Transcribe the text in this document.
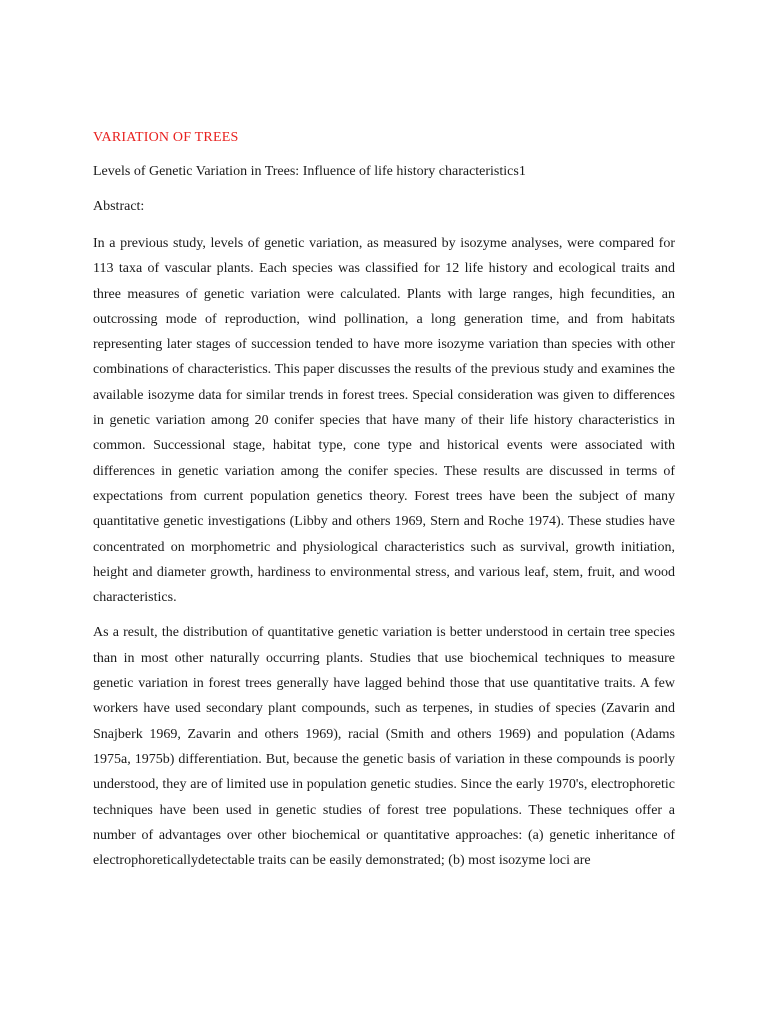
VARIATION OF TREES
Levels of Genetic Variation in Trees: Influence of life history characteristics1
Abstract:

In a previous study, levels of genetic variation, as measured by isozyme analyses, were compared for 113 taxa of vascular plants. Each species was classified for 12 life history and ecological traits and three measures of genetic variation were calculated. Plants with large ranges, high fecundities, an outcrossing mode of reproduction, wind pollination, a long generation time, and from habitats representing later stages of succession tended to have more isozyme variation than species with other combinations of characteristics. This paper discusses the results of the previous study and examines the available isozyme data for similar trends in forest trees. Special consideration was given to differences in genetic variation among 20 conifer species that have many of their life history characteristics in common. Successional stage, habitat type, cone type and historical events were associated with differences in genetic variation among the conifer species. These results are discussed in terms of expectations from current population genetics theory. Forest trees have been the subject of many quantitative genetic investigations (Libby and others 1969, Stern and Roche 1974). These studies have concentrated on morphometric and physiological characteristics such as survival, growth initiation, height and diameter growth, hardiness to environmental stress, and various leaf, stem, fruit, and wood characteristics.

As a result, the distribution of quantitative genetic variation is better understood in certain tree species than in most other naturally occurring plants. Studies that use biochemical techniques to measure genetic variation in forest trees generally have lagged behind those that use quantitative traits. A few workers have used secondary plant compounds, such as terpenes, in studies of species (Zavarin and Snajberk 1969, Zavarin and others 1969), racial (Smith and others 1969) and population (Adams 1975a, 1975b) differentiation. But, because the genetic basis of variation in these compounds is poorly understood, they are of limited use in population genetic studies. Since the early 1970's, electrophoretic techniques have been used in genetic studies of forest tree populations. These techniques offer a number of advantages over other biochemical or quantitative approaches: (a) genetic inheritance of electrophoreticallydetectable traits can be easily demonstrated; (b) most isozyme loci are
